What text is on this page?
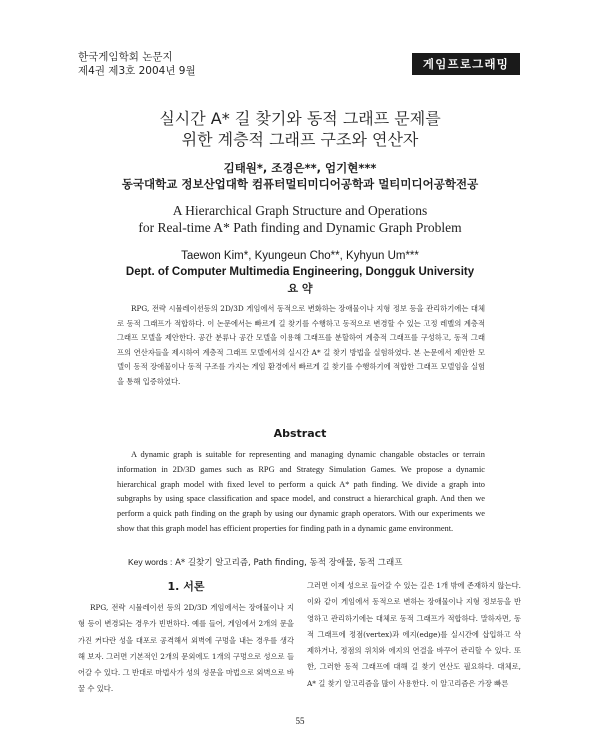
한국게임학회 논문지
제4권 제3호 2004년 9월	게임프로그래밍
실시간 A* 길 찾기와 동적 그래프 문제를
위한 계층적 그래프 구조와 연산자
김태원*, 조경은**, 엄기현***
동국대학교 정보산업대학 컴퓨터멀티미디어공학과 멀티미디어공학전공
A Hierarchical Graph Structure and Operations
for Real-time A* Path finding and Dynamic Graph Problem
Taewon Kim*, Kyungeun Cho**, Kyhyun Um***
Dept. of Computer Multimedia Engineering, Dongguk University
요 약
RPG, 전략 시뮬레이션등의 2D/3D 게임에서 동적으로 변화하는 장애물이나 지형 정보 등을 관리하기에는 대체로 동적 그래프가 적합하다. 이 논문에서는 빠르게 길 찾기를 수행하고 동적으로 변경할 수 있는 고정 레벨의 계층적 그래프 모델을 제안한다. 공간 분류나 공간 모델을 이용해 그래프를 분할하여 계층적 그래프를 구성하고, 동적 그래프의 연산자들을 제시하여 계층적 그래프 모델에서의 실시간 A* 길 찾기 방법을 실험하였다. 본 논문에서 제안한 모델이 동적 장애물이나 동적 구조를 가지는 게임 환경에서 빠르게 길 찾기를 수행하기에 적합한 그래프 모델임을 실험을 통해 입증하였다.
Abstract
A dynamic graph is suitable for representing and managing dynamic changable obstacles or terrain information in 2D/3D games such as RPG and Strategy Simulation Games. We propose a dynamic hierarchical graph model with fixed level to perform a quick A* path finding. We divide a graph into subgraphs by using space classification and space model, and construct a hierarchical graph. And then we perform a quick path finding on the graph by using our dynamic graph operators. With our experiments we show that this graph model has efficient properties for finding path in a dynamic game environment.
Key words : A* 길찾기 알고리즘, Path finding, 동적 장애물, 동적 그래프
1. 서론
RPG, 전략 시뮬레이션 등의 2D/3D 게임에서는 장애물이나 지형 등이 변경되는 경우가 빈번하다. 예를 들어, 게임에서 2개의 문을 가진 커다란 성을 대포로 공격해서 외벽에 구멍을 내는 경우를 생각해 보자. 그러면 기본적인 2개의 문외에도 1개의 구멍으로 성으로 들어갈 수 있다. 그 반대로 마법사가 성의 성문을 마법으로 외벽으로 바꿀 수 있다.
그러면 이제 성으로 들어갈 수 있는 길은 1개 밖에 존재하지 않는다. 이와 같이 게임에서 동적으로 변하는 장애물이나 지형 정보등을 반영하고 관리하기에는 대체로 동적 그래프가 적합하다. 말하자면, 동적 그래프에 정점(vertex)과 에지(edge)를 실시간에 삽입하고 삭제하거나, 정점의 위치와 에지의 연결을 바꾸어 관리할 수 있다. 또한, 그러한 동적 그래프에 대해 길 찾기 연산도 필요하다. 대체로, A* 길 찾기 알고리즘을 많이 사용한다. 이 알고리즘은 가장 빠른
55
